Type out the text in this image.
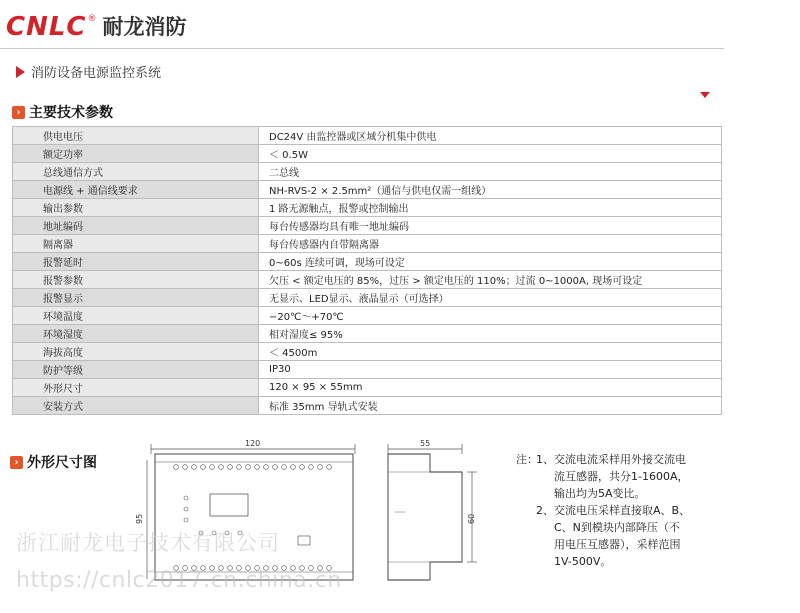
CNLC ® 耐龙消防
消防设备电源监控系统
› 主要技术参数
供电电压	DC24V 由监控器或区域分机集中供电
额定功率	＜ 0.5W
总线通信方式	二总线
电源线 + 通信线要求	NH-RVS-2 × 2.5mm²（通信与供电仅需一组线）
输出参数	1 路无源触点，报警或控制输出
地址编码	每台传感器均具有唯一地址编码
隔离器	每台传感器内自带隔离器
报警延时	0~60s 连续可调，现场可设定
报警参数	欠压 < 额定电压的 85%，过压 > 额定电压的 110%；过流 0~1000A, 现场可设定
报警显示	无显示、LED显示、液晶显示（可选择）
环境温度	−20℃～+70℃
环境湿度	相对湿度≤ 95%
海拔高度	＜ 4500m
防护等级	IP30
外形尺寸	120 × 95 × 55mm
安装方式	标准 35mm 导轨式安装
› 外形尺寸图
120
95
55
60
注：
1、 交流电流采样用外接交流电
流互感器，共分1-1600A，
输出均为5A变比。
2、 交流电压采样直接取A、B、
C、N到模块内部降压（不
用电压互感器），采样范围
1V-500V。
浙江耐龙电子技术有限公司
https://cnlc2017.cn.china.cn
